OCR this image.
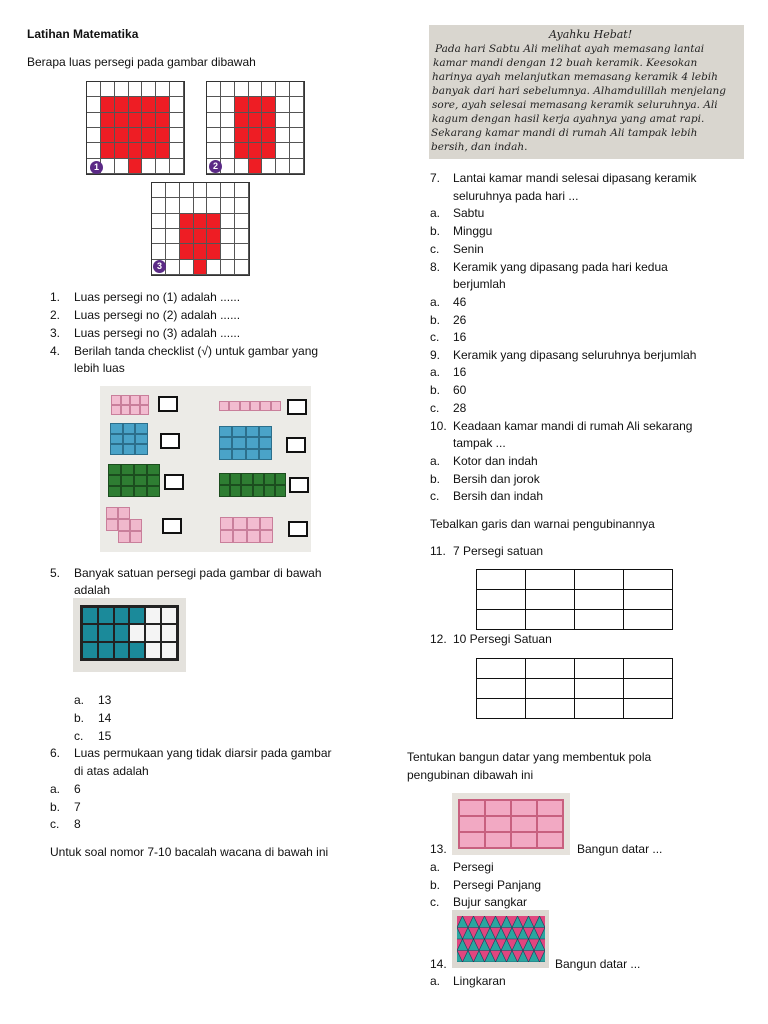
Latihan Matematika
Berapa luas persegi pada gambar dibawah
1	2
3
1. Luas persegi no (1) adalah ......
2. Luas persegi no (2) adalah ......
3. Luas persegi no (3) adalah ......
4. Berilah tanda checklist (√) untuk gambar yang
lebih luas
5. Banyak satuan persegi pada gambar di bawah
adalah
a. 13
b. 14
c. 15
6. Luas permukaan yang tidak diarsir pada gambar
di atas adalah
a. 6
b. 7
c. 8
Untuk soal nomor 7-10 bacalah wacana di bawah ini
Ayahku Hebat!
Pada hari Sabtu Ali melihat ayah memasang lantai
kamar mandi dengan 12 buah keramik. Keesokan
harinya ayah melanjutkan memasang keramik 4 lebih
banyak dari hari sebelumnya. Alhamdulillah menjelang
sore, ayah selesai memasang keramik seluruhnya. Ali
kagum dengan hasil kerja ayahnya yang amat rapi.
Sekarang kamar mandi di rumah Ali tampak lebih
bersih, dan indah.
7. Lantai kamar mandi selesai dipasang keramik
seluruhnya pada hari ...
a. Sabtu
b. Minggu
c. Senin
8. Keramik yang dipasang pada hari kedua
berjumlah
a. 46
b. 26
c. 16
9. Keramik yang dipasang seluruhnya berjumlah
a. 16
b. 60
c. 28
10. Keadaan kamar mandi di rumah Ali sekarang
tampak ...
a. Kotor dan indah
b. Bersih dan jorok
c. Bersih dan indah
Tebalkan garis dan warnai pengubinannya
11. 7 Persegi satuan

12. 10 Persegi Satuan

Tentukan bangun datar yang membentuk pola
pengubinan dibawah ini
13.	Bangun datar ...
a. Persegi
b. Persegi Panjang
c. Bujur sangkar
14.	Bangun datar ...
a. Lingkaran
